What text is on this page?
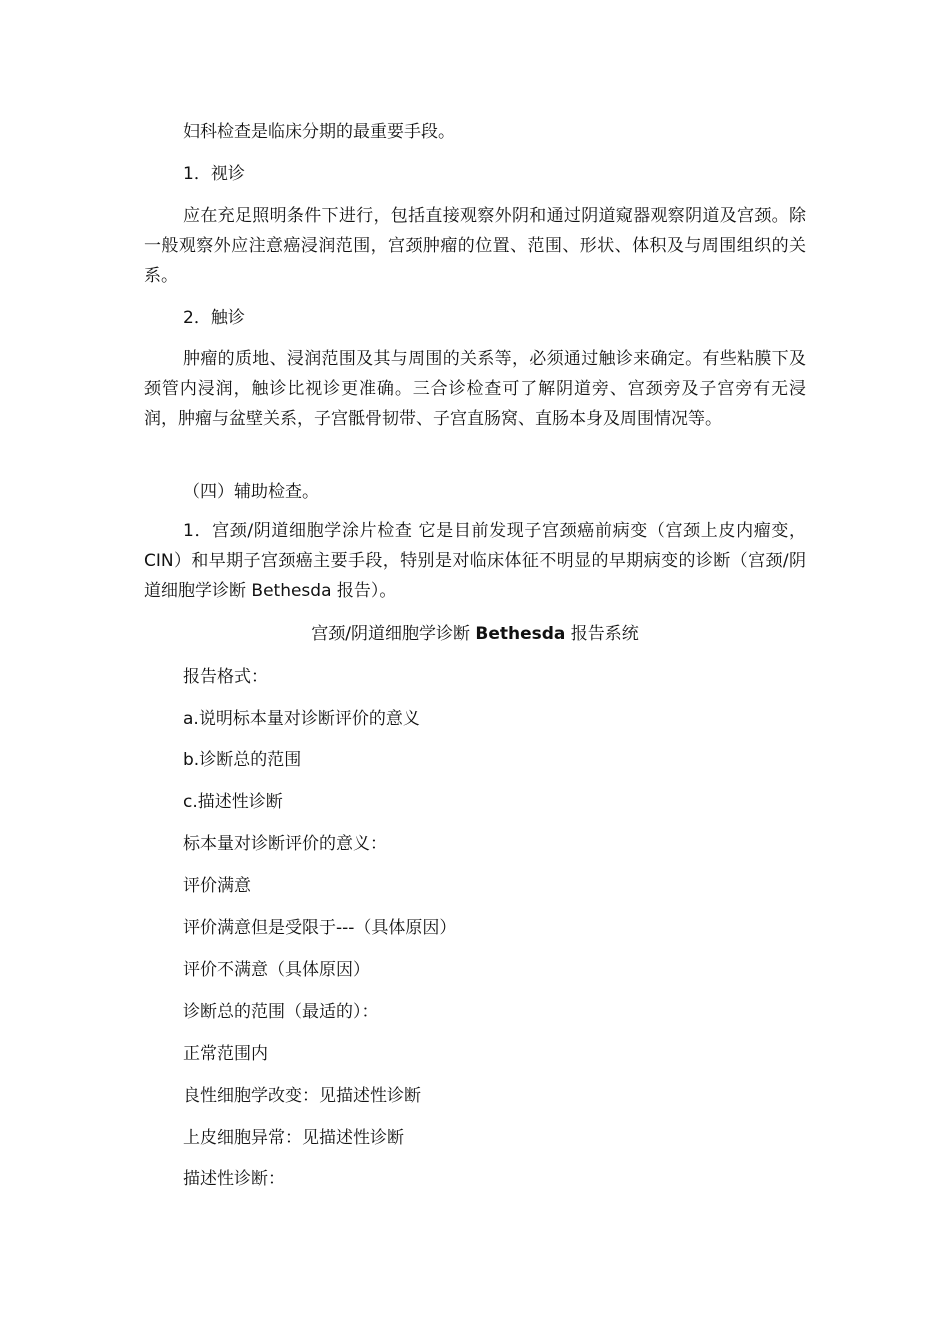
妇科检查是临床分期的最重要手段。

1．视诊

应在充足照明条件下进行，包括直接观察外阴和通过阴道窥器观察阴道及宫颈。除一般观察外应注意癌浸润范围，宫颈肿瘤的位置、范围、形状、体积及与周围组织的关系。

2．触诊

肿瘤的质地、浸润范围及其与周围的关系等，必须通过触诊来确定。有些粘膜下及颈管内浸润，触诊比视诊更准确。三合诊检查可了解阴道旁、宫颈旁及子宫旁有无浸润，肿瘤与盆壁关系，子宫骶骨韧带、子宫直肠窝、直肠本身及周围情况等。

（四）辅助检查。

1．宫颈/阴道细胞学涂片检查 它是目前发现子宫颈癌前病变（宫颈上皮内瘤变，CIN）和早期子宫颈癌主要手段，特别是对临床体征不明显的早期病变的诊断（宫颈/阴道细胞学诊断 Bethesda 报告）。

宫颈/阴道细胞学诊断 Bethesda 报告系统

报告格式：

a.说明标本量对诊断评价的意义

b.诊断总的范围

c.描述性诊断

标本量对诊断评价的意义：

评价满意

评价满意但是受限于---（具体原因）

评价不满意（具体原因）

诊断总的范围（最适的）：

正常范围内

良性细胞学改变：见描述性诊断

上皮细胞异常：见描述性诊断

描述性诊断：
